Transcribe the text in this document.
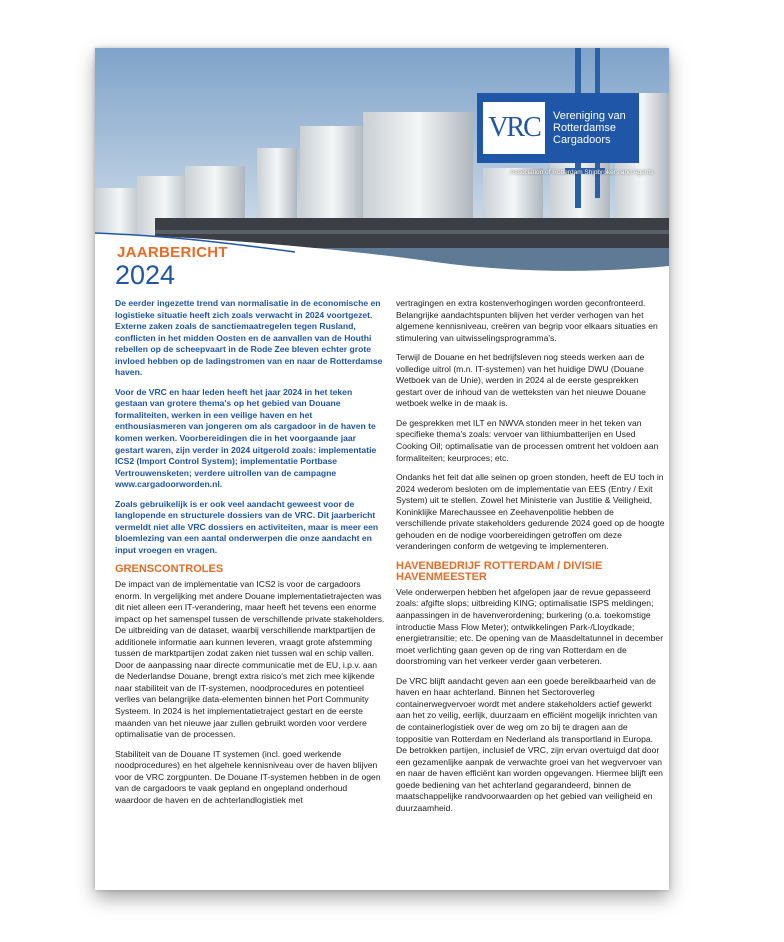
VRC	Vereniging van
Rotterdamse
Cargadoors
Association of Rotterdam Shipbrokers and Agents
JAARBERICHT
2024

De eerder ingezette trend van normalisatie in de economische en logistieke situatie heeft zich zoals verwacht in 2024 voortgezet. Externe zaken zoals de sanctiemaatregelen tegen Rusland, conflicten in het midden Oosten en de aanvallen van de Houthi rebellen op de scheepvaart in de Rode Zee bleven echter grote invloed hebben op de ladingstromen van en naar de Rotterdamse haven.

Voor de VRC en haar leden heeft het jaar 2024 in het teken gestaan van grotere thema's op het gebied van Douane formaliteiten, werken in een veilige haven en het enthousiasmeren van jongeren om als cargadoor in de haven te komen werken. Voorbereidingen die in het voorgaande jaar gestart waren, zijn verder in 2024 uitgerold zoals: implementatie ICS2 (Import Control System); implementatie Portbase Vertrouwensketen; verdere uitrollen van de campagne www.cargadoorworden.nl.

Zoals gebruikelijk is er ook veel aandacht geweest voor de langlopende en structurele dossiers van de VRC. Dit jaarbericht vermeldt niet alle VRC dossiers en activiteiten, maar is meer een bloemlezing van een aantal onderwerpen die onze aandacht en input vroegen en vragen.

GRENSCONTROLES

De impact van de implementatie van ICS2 is voor de cargadoors enorm. In vergelijking met andere Douane implementatietrajecten was dit niet alleen een IT-verandering, maar heeft het tevens een enorme impact op het samenspel tussen de verschillende private stakeholders. De uitbreiding van de dataset, waarbij verschillende marktpartijen de additionele informatie aan kunnen leveren, vraagt grote afstemming tussen de marktpartijen zodat zaken niet tussen wal en schip vallen. Door de aanpassing naar directe communicatie met de EU, i.p.v. aan de Nederlandse Douane, brengt extra risico's met zich mee kijkende naar stabiliteit van de IT-systemen, noodprocedures en potentieel verlies van belangrijke data-elementen binnen het Port Community Systeem. In 2024 is het implementatietraject gestart en de eerste maanden van het nieuwe jaar zullen gebruikt worden voor verdere optimalisatie van de processen.

Stabiliteit van de Douane IT systemen (incl. goed werkende noodprocedures) en het algehele kennisniveau over de haven blijven voor de VRC zorgpunten. De Douane IT-systemen hebben in de ogen van de cargadoors te vaak gepland en ongepland onderhoud waardoor de haven en de achterlandlogistiek met

vertragingen en extra kostenverhogingen worden geconfronteerd. Belangrijke aandachtspunten blijven het verder verhogen van het algemene kennisniveau, creëren van begrip voor elkaars situaties en stimulering van uitwisselingsprogramma's.

Terwijl de Douane en het bedrijfsleven nog steeds werken aan de volledige uitrol (m.n. IT-systemen) van het huidige DWU (Douane Wetboek van de Unie), werden in 2024 al de eerste gesprekken gestart over de inhoud van de wetteksten van het nieuwe Douane wetboek welke in de maak is.

De gesprekken met ILT en NWVA stonden meer in het teken van specifieke thema's zoals: vervoer van lithiumbatterijen en Used Cooking Oil; optimalisatie van de processen omtrent het voldoen aan formaliteiten; keurproces; etc.

Ondanks het feit dat alle seinen op groen stonden, heeft de EU toch in 2024 wederom besloten om de implementatie van EES (Entry / Exit System) uit te stellen. Zowel het Ministerie van Justitie & Veiligheid, Koninklijke Marechaussee en Zeehavenpolitie hebben de verschillende private stakeholders gedurende 2024 goed op de hoogte gehouden en de nodige voorbereidingen getroffen om deze veranderingen conform de wetgeving te implementeren.

HAVENBEDRIJF ROTTERDAM / DIVISIE HAVENMEESTER

Vele onderwerpen hebben het afgelopen jaar de revue gepasseerd zoals: afgifte slops; uitbreiding KING; optimalisatie ISPS meldingen; aanpassingen in de havenverordening; burkering (o.a. toekomstige introductie Mass Flow Meter); ontwikkelingen Park-/Lloydkade; energietransitie; etc. De opening van de Maasdeltatunnel in december moet verlichting gaan geven op de ring van Rotterdam en de doorstroming van het verkeer verder gaan verbeteren.

De VRC blijft aandacht geven aan een goede bereikbaarheid van de haven en haar achterland. Binnen het Sectoroverleg containerwegvervoer wordt met andere stakeholders actief gewerkt aan het zo veilig, eerlijk, duurzaam en efficiënt mogelijk inrichten van de containerlogistiek over de weg om zo bij te dragen aan de toppositie van Rotterdam en Nederland als transportland in Europa. De betrokken partijen, inclusief de VRC, zijn ervan overtuigd dat door een gezamenlijke aanpak de verwachte groei van het wegvervoer van en naar de haven efficiënt kan worden opgevangen. Hiermee blijft een goede bediening van het achterland gegarandeerd, binnen de maatschappelijke randvoorwaarden op het gebied van veiligheid en duurzaamheid.
